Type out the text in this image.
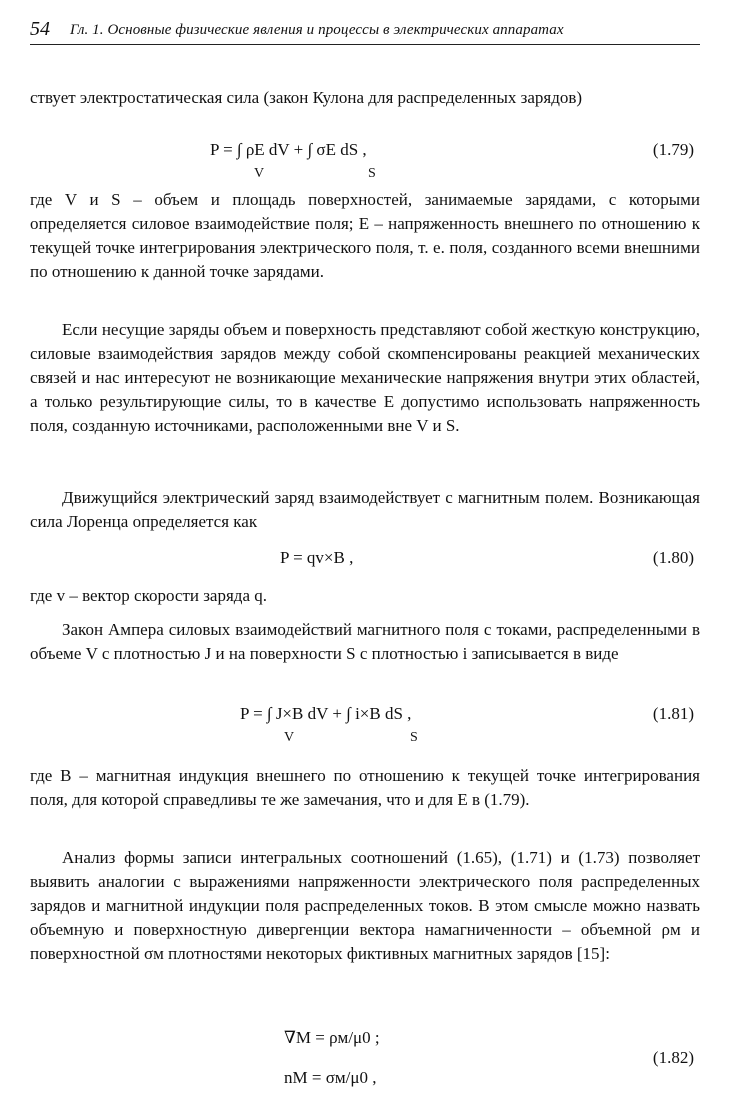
54 Гл. 1. Основные физические явления и процессы в электрических аппаратах

ствует электростатическая сила (закон Кулона для распределенных зарядов)

P = ∫ ρE dV + ∫ σE dS ,
V	S
(1.79)

где V и S – объем и площадь поверхностей, занимаемые зарядами, с которыми определяется силовое взаимодействие поля; E – напряженность внешнего по отношению к текущей точке интегрирования электрического поля, т. е. поля, созданного всеми внешними по отношению к данной точке зарядами.

Если несущие заряды объем и поверхность представляют собой жесткую конструкцию, силовые взаимодействия зарядов между собой скомпенсированы реакцией механических связей и нас интересуют не возникающие механические напряжения внутри этих областей, а только результирующие силы, то в качестве E допустимо использовать напряженность поля, созданную источниками, расположенными вне V и S.

Движущийся электрический заряд взаимодействует с магнитным полем. Возникающая сила Лоренца определяется как

P = qv×B ,	(1.80)

где v – вектор скорости заряда q.

Закон Ампера силовых взаимодействий магнитного поля с токами, распределенными в объеме V с плотностью J и на поверхности S с плотностью i записывается в виде

P = ∫ J×B dV + ∫ i×B dS ,
V	S
(1.81)

где B – магнитная индукция внешнего по отношению к текущей точке интегрирования поля, для которой справедливы те же замечания, что и для E в (1.79).

Анализ формы записи интегральных соотношений (1.65), (1.71) и (1.73) позволяет выявить аналогии с выражениями напряженности электрического поля распределенных зарядов и магнитной индукции поля распределенных токов. В этом смысле можно назвать объемную и поверхностную дивергенции вектора намагниченности – объемной ρм и поверхностной σм плотностями некоторых фиктивных магнитных зарядов [15]:

∇M = ρм/μ0 ;
nM = σм/μ0 ,
(1.82)
